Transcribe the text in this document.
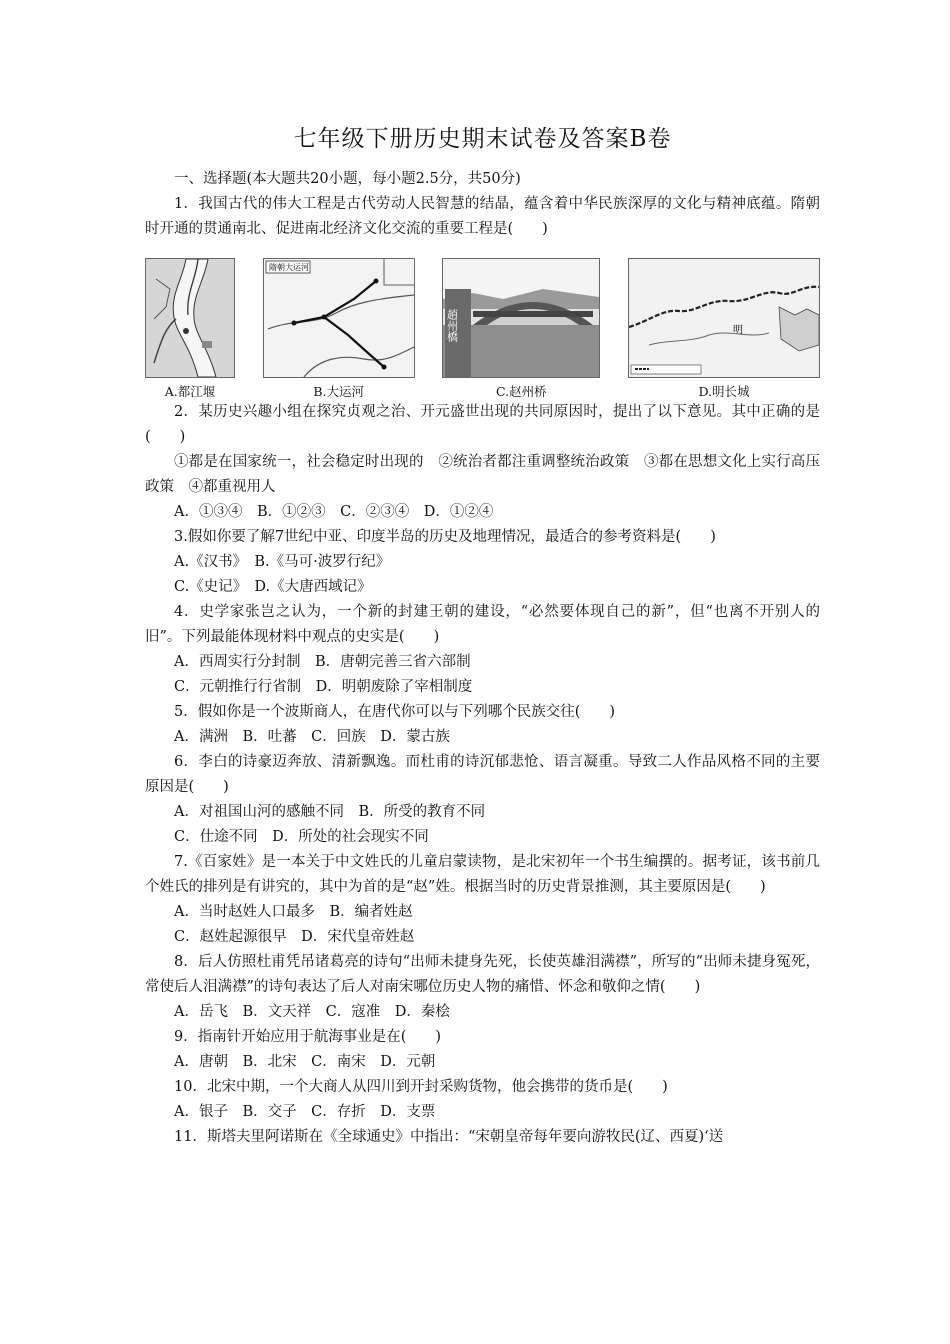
七年级下册历史期末试卷及答案B卷

一、选择题(本大题共20小题，每小题2.5分，共50分)

1．我国古代的伟大工程是古代劳动人民智慧的结晶，蕴含着中华民族深厚的文化与精神底蕴。隋朝时开通的贯通南北、促进南北经济文化交流的重要工程是(　　)

A.都江堰
隋朝大运河
B.大运河
趙州橋
C.赵州桥
明
D.明长城

2．某历史兴趣小组在探究贞观之治、开元盛世出现的共同原因时，提出了以下意见。其中正确的是(　　)

①都是在国家统一，社会稳定时出现的　②统治者都注重调整统治政策　③都在思想文化上实行高压政策　④都重视用人

A．①③④　B．①②③　C．②③④　D．①②④

3.假如你要了解7世纪中亚、印度半岛的历史及地理情况，最适合的参考资料是(　　)

A.《汉书》　B.《马可·波罗行纪》

C.《史记》　D.《大唐西域记》

4．史学家张岂之认为，一个新的封建王朝的建设，“必然要体现自己的新”，但“也离不开别人的旧”。下列最能体现材料中观点的史实是(　　)

A．西周实行分封制　B．唐朝完善三省六部制

C．元朝推行行省制　D．明朝废除了宰相制度

5．假如你是一个波斯商人，在唐代你可以与下列哪个民族交往(　　)

A．满洲　B．吐蕃　C．回族　D．蒙古族

6．李白的诗豪迈奔放、清新飘逸。而杜甫的诗沉郁悲怆、语言凝重。导致二人作品风格不同的主要原因是(　　)

A．对祖国山河的感触不同　B．所受的教育不同

C．仕途不同　D．所处的社会现实不同

7.《百家姓》是一本关于中文姓氏的儿童启蒙读物，是北宋初年一个书生编撰的。据考证，该书前几个姓氏的排列是有讲究的，其中为首的是“赵”姓。根据当时的历史背景推测，其主要原因是(　　)

A．当时赵姓人口最多　B．编者姓赵

C．赵姓起源很早　D．宋代皇帝姓赵

8．后人仿照杜甫凭吊诸葛亮的诗句“出师未捷身先死，长使英雄泪满襟”，所写的“出师未捷身冤死，常使后人泪满襟”的诗句表达了后人对南宋哪位历史人物的痛惜、怀念和敬仰之情(　　)

A．岳飞　B．文天祥　C．寇准　D．秦桧

9．指南针开始应用于航海事业是在(　　)

A．唐朝　B．北宋　C．南宋　D．元朝

10．北宋中期，一个大商人从四川到开封采购货物，他会携带的货币是(　　)

A．银子　B．交子　C．存折　D．支票

11．斯塔夫里阿诺斯在《全球通史》中指出：“宋朝皇帝每年要向游牧民(辽、西夏)‘送
